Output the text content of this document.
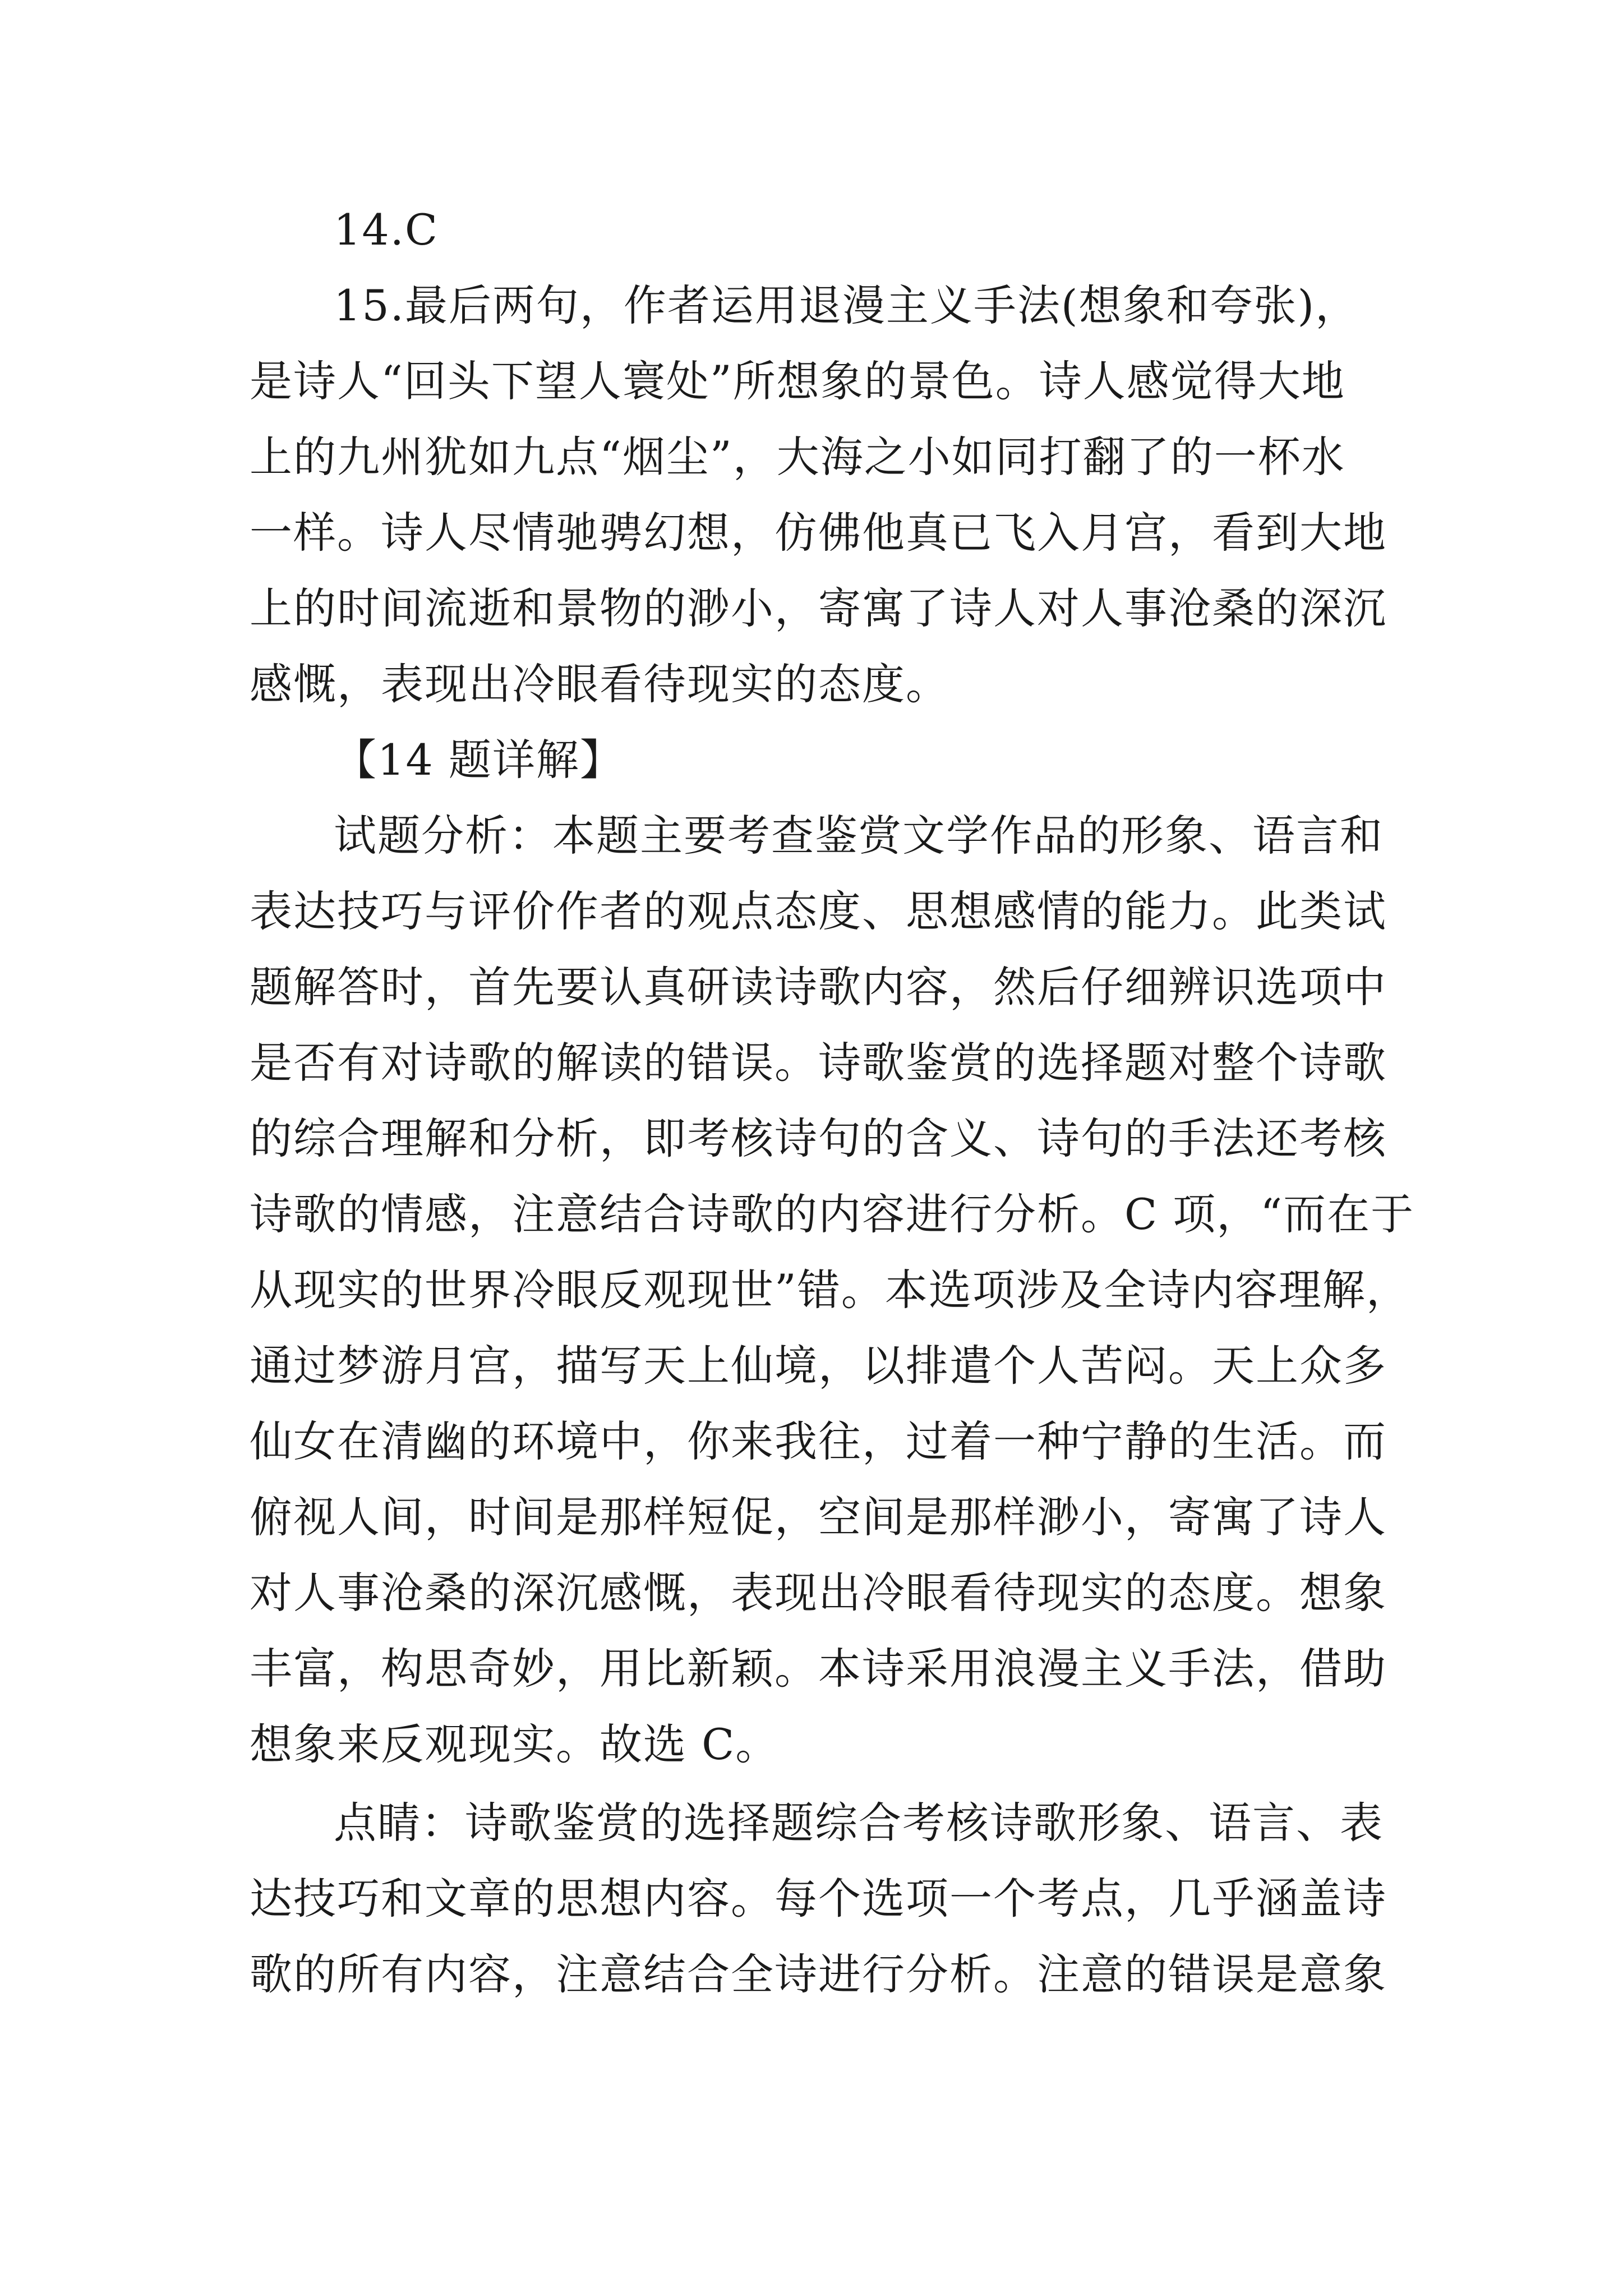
14.C
15.最后两句，作者运用退漫主义手法(想象和夸张)，
是诗人“回头下望人寰处”所想象的景色。诗人感觉得大地
上的九州犹如九点“烟尘”，大海之小如同打翻了的一杯水
一样。诗人尽情驰骋幻想，仿佛他真已飞入月宫，看到大地
上的时间流逝和景物的渺小，寄寓了诗人对人事沧桑的深沉
感慨，表现出冷眼看待现实的态度。
【14 题详解】
试题分析：本题主要考查鉴赏文学作品的形象、语言和
表达技巧与评价作者的观点态度、思想感情的能力。此类试
题解答时，首先要认真研读诗歌内容，然后仔细辨识选项中
是否有对诗歌的解读的错误。诗歌鉴赏的选择题对整个诗歌
的综合理解和分析，即考核诗句的含义、诗句的手法还考核
诗歌的情感，注意结合诗歌的内容进行分析。C 项，“而在于
从现实的世界冷眼反观现世”错。本选项涉及全诗内容理解，
通过梦游月宫，描写天上仙境，以排遣个人苦闷。天上众多
仙女在清幽的环境中，你来我往，过着一种宁静的生活。而
俯视人间，时间是那样短促，空间是那样渺小，寄寓了诗人
对人事沧桑的深沉感慨，表现出冷眼看待现实的态度。想象
丰富，构思奇妙，用比新颖。本诗采用浪漫主义手法，借助
想象来反观现实。故选 C。
点睛：诗歌鉴赏的选择题综合考核诗歌形象、语言、表
达技巧和文章的思想内容。每个选项一个考点，几乎涵盖诗
歌的所有内容，注意结合全诗进行分析。注意的错误是意象
